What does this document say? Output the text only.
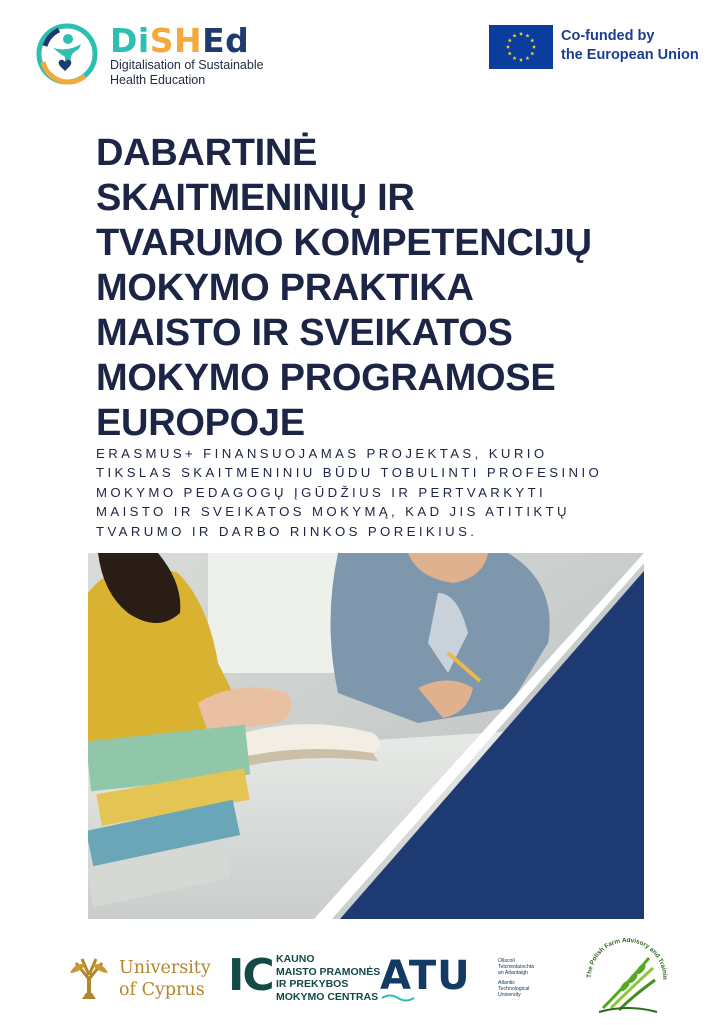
DiSHEd
Digitalisation of Sustainable Health Education
Co-funded by
the European Union
DABARTINĖ
SKAITMENINIŲ IR
TVARUMO KOMPETENCIJŲ
MOKYMO PRAKTIKA
MAISTO IR SVEIKATOS
MOKYMO PROGRAMOSE
EUROPOJE

ERASMUS+ FINANSUOJAMAS PROJEKTAS, KURIO
TIKSLAS SKAITMENINIU BŪDU TOBULINTI PROFESINIO
MOKYMO PEDAGOGŲ ĮGŪDŽIUS IR PERTVARKYTI
MAISTO IR SVEIKATOS MOKYMĄ, KAD JIS ATITIKTŲ
TVARUMO IR DARBO RINKOS POREIKIUS.

University
of Cyprus IC KAUNO
MAISTO PRAMONĖS
IR PREKYBOS
MOKYMO CENTRAS ATU	Ollscoil
Teicneolaíochta
an Atlantaigh
Atlantic
Technological
University
The Polish Farm Advisory and Trainin
